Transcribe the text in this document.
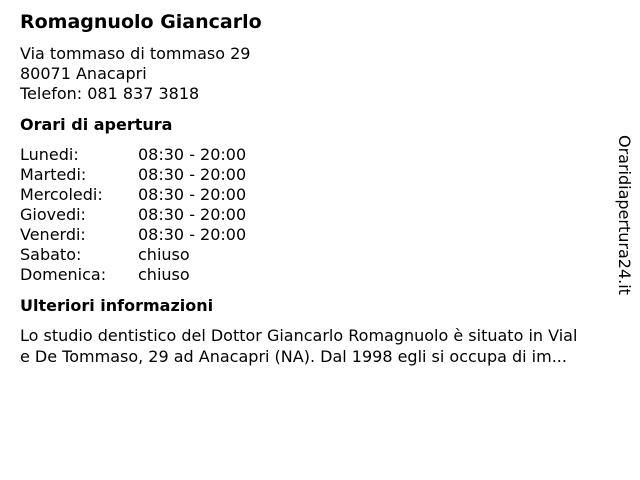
Romagnuolo Giancarlo
Via tommaso di tommaso 29
80071 Anacapri
Telefon: 081 837 3818
Orari di apertura
Lunedi:	08:30 - 20:00
Martedi:	08:30 - 20:00
Mercoledi: 08:30 - 20:00
Giovedi:	08:30 - 20:00
Venerdi:	08:30 - 20:00
Sabato:	chiuso
Domenica: chiuso
Ulteriori informazioni
Lo studio dentistico del Dottor Giancarlo Romagnuolo è situato in Vial
e De Tommaso, 29 ad Anacapri (NA). Dal 1998 egli si occupa di im...
Oraridiapertura24.it
